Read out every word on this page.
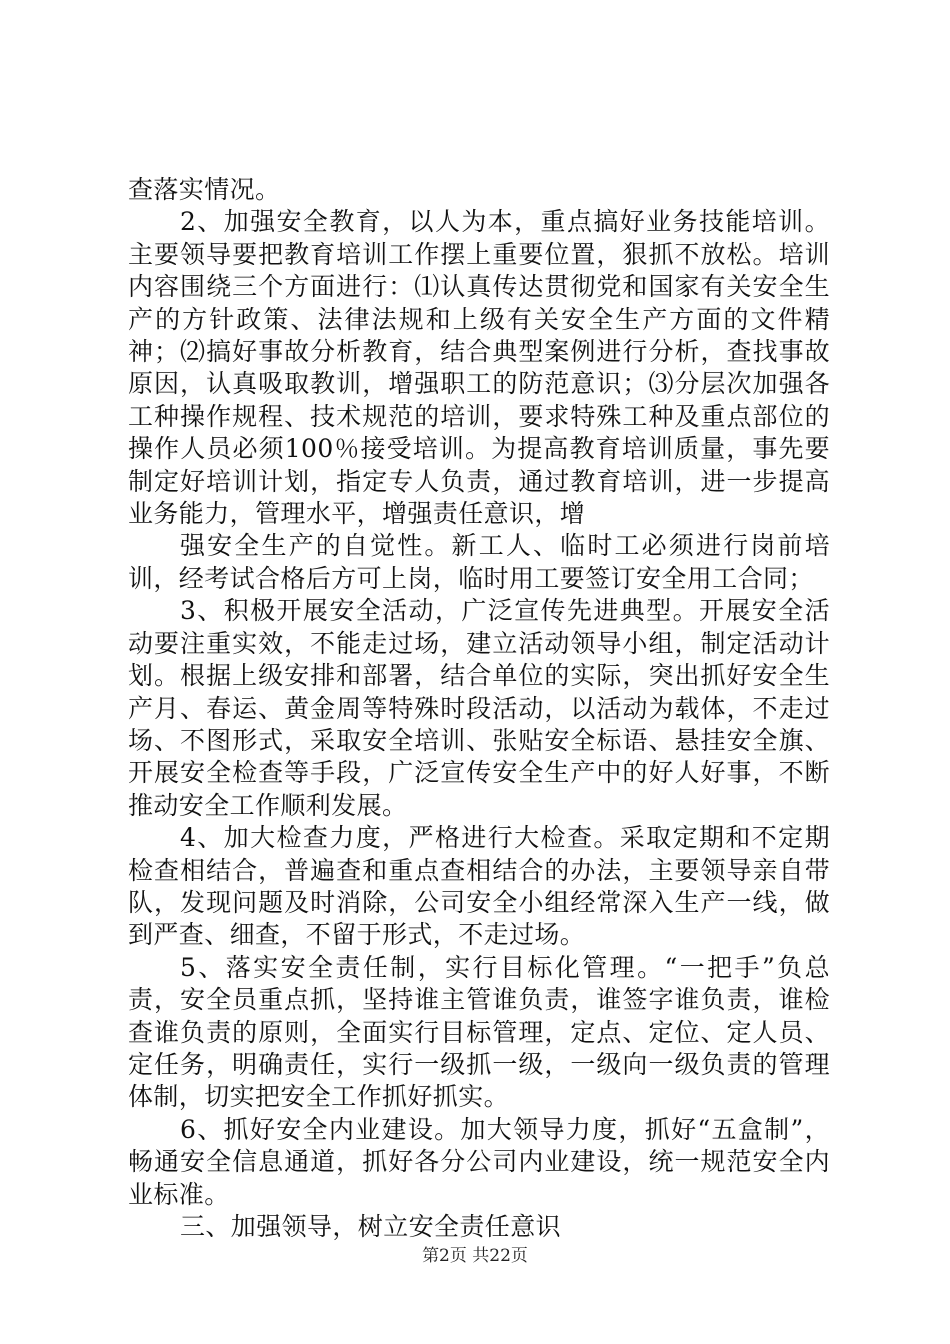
查落实情况。

2、加强安全教育，以人为本，重点搞好业务技能培训。主要领导要把教育培训工作摆上重要位置，狠抓不放松。培训内容围绕三个方面进行：⑴认真传达贯彻党和国家有关安全生产的方针政策、法律法规和上级有关安全生产方面的文件精神；⑵搞好事故分析教育，结合典型案例进行分析，查找事故原因，认真吸取教训，增强职工的防范意识；⑶分层次加强各工种操作规程、技术规范的培训，要求特殊工种及重点部位的操作人员必须100％接受培训。为提高教育培训质量，事先要制定好培训计划，指定专人负责，通过教育培训，进一步提高业务能力，管理水平，增强责任意识，增

强安全生产的自觉性。新工人、临时工必须进行岗前培训，经考试合格后方可上岗，临时用工要签订安全用工合同；

3、积极开展安全活动，广泛宣传先进典型。开展安全活动要注重实效，不能走过场，建立活动领导小组，制定活动计划。根据上级安排和部署，结合单位的实际，突出抓好安全生产月、春运、黄金周等特殊时段活动，以活动为载体，不走过场、不图形式，采取安全培训、张贴安全标语、悬挂安全旗、开展安全检查等手段，广泛宣传安全生产中的好人好事，不断推动安全工作顺利发展。

4、加大检查力度，严格进行大检查。采取定期和不定期检查相结合，普遍查和重点查相结合的办法，主要领导亲自带队，发现问题及时消除，公司安全小组经常深入生产一线，做到严查、细查，不留于形式，不走过场。

5、落实安全责任制，实行目标化管理。“一把手”负总责，安全员重点抓，坚持谁主管谁负责，谁签字谁负责，谁检查谁负责的原则，全面实行目标管理，定点、定位、定人员、定任务，明确责任，实行一级抓一级，一级向一级负责的管理体制，切实把安全工作抓好抓实。

6、抓好安全内业建设。加大领导力度，抓好“五盒制”，畅通安全信息通道，抓好各分公司内业建设，统一规范安全内业标准。

三、加强领导，树立安全责任意识

第2页 共22页
